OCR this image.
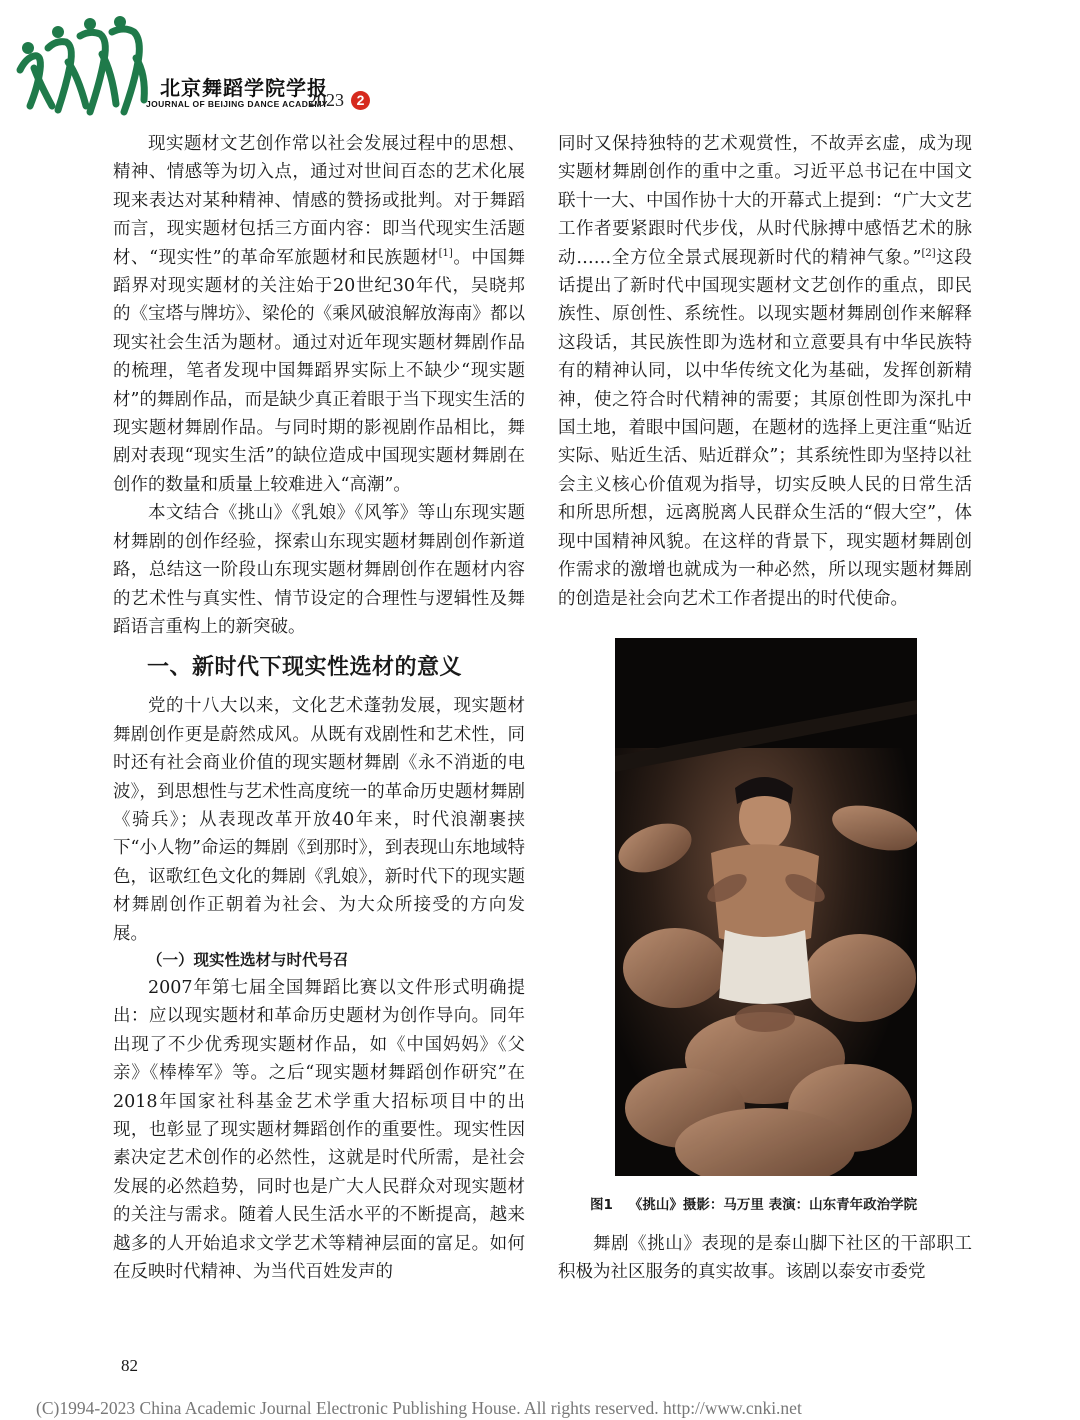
北京舞蹈学院学报
JOURNAL OF BEIJING DANCE ACADEMY
2023 2

现实题材文艺创作常以社会发展过程中的思想、精神、情感等为切入点，通过对世间百态的艺术化展现来表达对某种精神、情感的赞扬或批判。对于舞蹈而言，现实题材包括三方面内容：即当代现实生活题材、“现实性”的革命军旅题材和民族题材[1]。中国舞蹈界对现实题材的关注始于20世纪30年代，吴晓邦的《宝塔与牌坊》、梁伦的《乘风破浪解放海南》都以现实社会生活为题材。通过对近年现实题材舞剧作品的梳理，笔者发现中国舞蹈界实际上不缺少“现实题材”的舞剧作品，而是缺少真正着眼于当下现实生活的现实题材舞剧作品。与同时期的影视剧作品相比，舞剧对表现“现实生活”的缺位造成中国现实题材舞剧在创作的数量和质量上较难进入“高潮”。

本文结合《挑山》《乳娘》《风筝》等山东现实题材舞剧的创作经验，探索山东现实题材舞剧创作新道路，总结这一阶段山东现实题材舞剧创作在题材内容的艺术性与真实性、情节设定的合理性与逻辑性及舞蹈语言重构上的新突破。

一、新时代下现实性选材的意义

党的十八大以来，文化艺术蓬勃发展，现实题材舞剧创作更是蔚然成风。从既有戏剧性和艺术性，同时还有社会商业价值的现实题材舞剧《永不消逝的电波》，到思想性与艺术性高度统一的革命历史题材舞剧《骑兵》；从表现改革开放40年来，时代浪潮裹挟下“小人物”命运的舞剧《到那时》，到表现山东地域特色，讴歌红色文化的舞剧《乳娘》，新时代下的现实题材舞剧创作正朝着为社会、为大众所接受的方向发展。

（一）现实性选材与时代号召

2007年第七届全国舞蹈比赛以文件形式明确提出：应以现实题材和革命历史题材为创作导向。同年出现了不少优秀现实题材作品，如《中国妈妈》《父亲》《棒棒军》等。之后“现实题材舞蹈创作研究”在2018年国家社科基金艺术学重大招标项目中的出现，也彰显了现实题材舞蹈创作的重要性。现实性因素决定艺术创作的必然性，这就是时代所需，是社会发展的必然趋势，同时也是广大人民群众对现实题材的关注与需求。随着人民生活水平的不断提高，越来越多的人开始追求文学艺术等精神层面的富足。如何在反映时代精神、为当代百姓发声的

同时又保持独特的艺术观赏性，不故弄玄虚，成为现实题材舞剧创作的重中之重。习近平总书记在中国文联十一大、中国作协十大的开幕式上提到：“广大文艺工作者要紧跟时代步伐，从时代脉搏中感悟艺术的脉动……全方位全景式展现新时代的精神气象。”[2]这段话提出了新时代中国现实题材文艺创作的重点，即民族性、原创性、系统性。以现实题材舞剧创作来解释这段话，其民族性即为选材和立意要具有中华民族特有的精神认同，以中华传统文化为基础，发挥创新精神，使之符合时代精神的需要；其原创性即为深扎中国土地，着眼中国问题，在题材的选择上更注重“贴近实际、贴近生活、贴近群众”；其系统性即为坚持以社会主义核心价值观为指导，切实反映人民的日常生活和所思所想，远离脱离人民群众生活的“假大空”，体现中国精神风貌。在这样的背景下，现实题材舞剧创作需求的激增也就成为一种必然，所以现实题材舞剧的创造是社会向艺术工作者提出的时代使命。

图1 《挑山》摄影：马万里 表演：山东青年政治学院

舞剧《挑山》表现的是泰山脚下社区的干部职工积极为社区服务的真实故事。该剧以泰安市委党

82
(C)1994-2023 China Academic Journal Electronic Publishing House. All rights reserved. http://www.cnki.net
